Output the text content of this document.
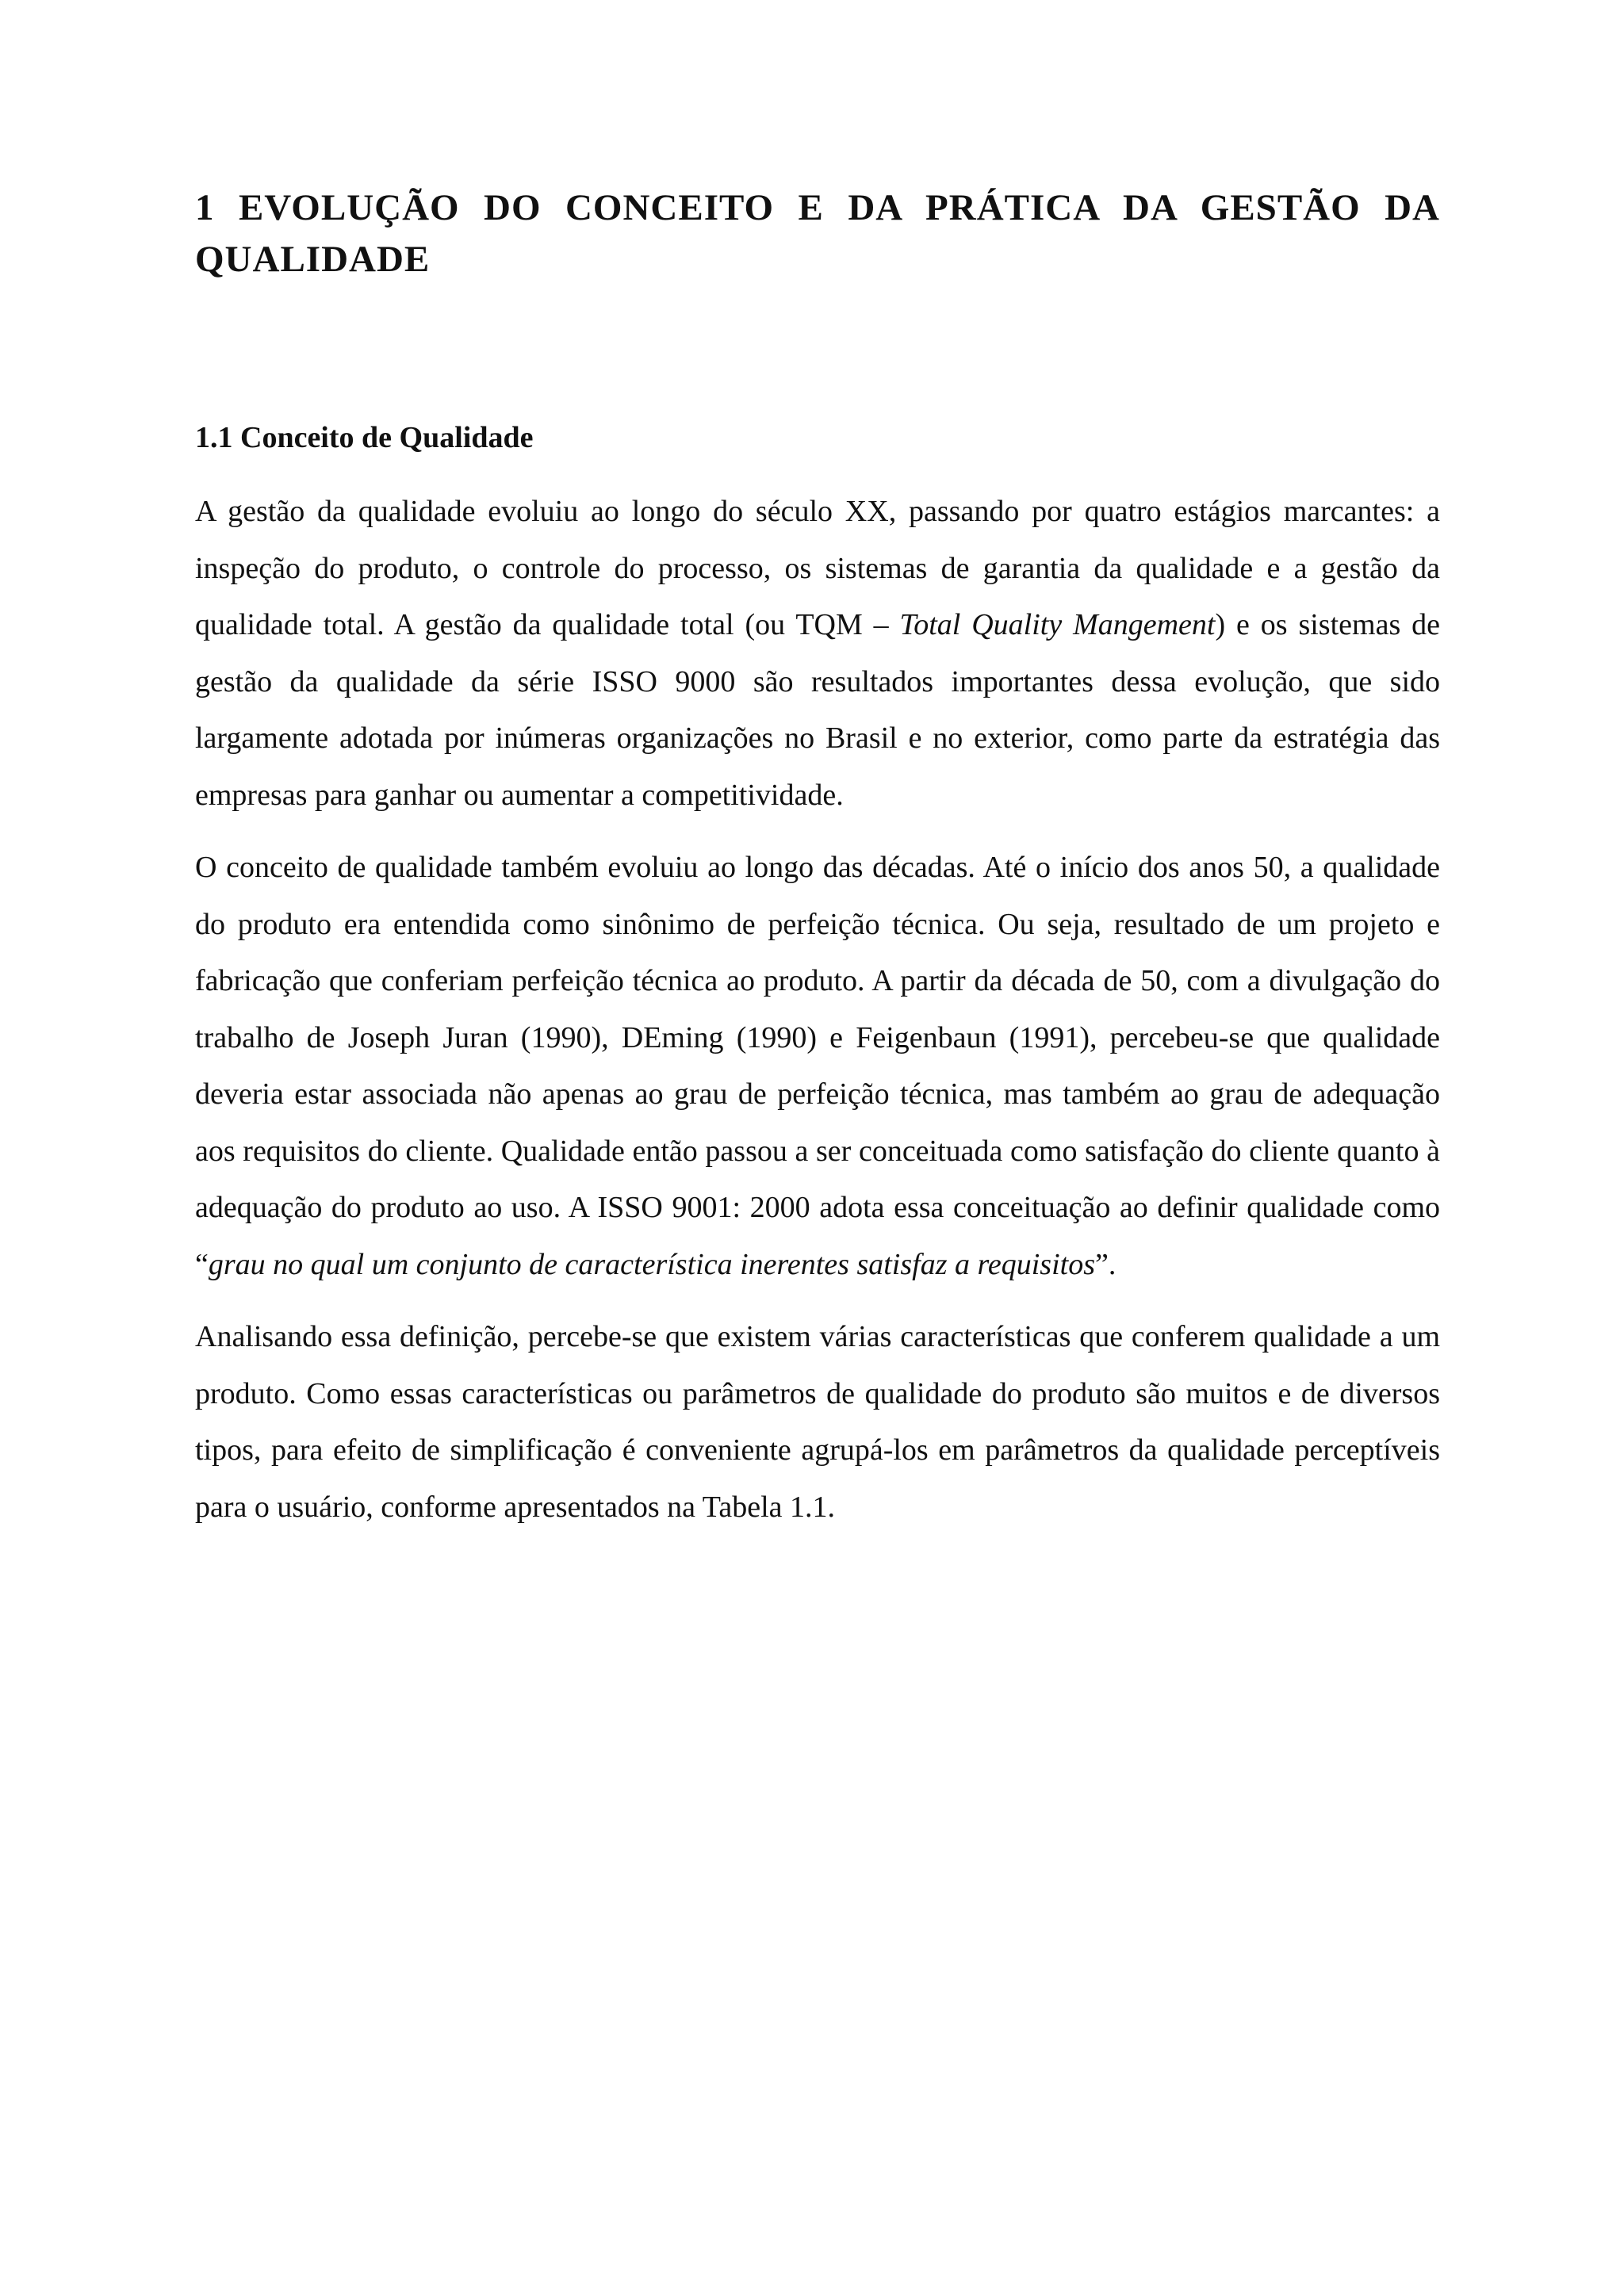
1 EVOLUÇÃO DO CONCEITO E DA PRÁTICA DA GESTÃO DA QUALIDADE
1.1 Conceito de Qualidade

A gestão da qualidade evoluiu ao longo do século XX, passando por quatro estágios marcantes: a inspeção do produto, o controle do processo, os sistemas de garantia da qualidade e a gestão da qualidade total. A gestão da qualidade total (ou TQM – Total Quality Mangement) e os sistemas de gestão da qualidade da série ISSO 9000 são resultados importantes dessa evolução, que sido largamente adotada por inúmeras organizações no Brasil e no exterior, como parte da estratégia das empresas para ganhar ou aumentar a competitividade.

O conceito de qualidade também evoluiu ao longo das décadas. Até o início dos anos 50, a qualidade do produto era entendida como sinônimo de perfeição técnica. Ou seja, resultado de um projeto e fabricação que conferiam perfeição técnica ao produto. A partir da década de 50, com a divulgação do trabalho de Joseph Juran (1990), DEming (1990) e Feigenbaun (1991), percebeu-se que qualidade deveria estar associada não apenas ao grau de perfeição técnica, mas também ao grau de adequação aos requisitos do cliente. Qualidade então passou a ser conceituada como satisfação do cliente quanto à adequação do produto ao uso. A ISSO 9001: 2000 adota essa conceituação ao definir qualidade como “grau no qual um conjunto de característica inerentes satisfaz a requisitos”.

Analisando essa definição, percebe-se que existem várias características que conferem qualidade a um produto. Como essas características ou parâmetros de qualidade do produto são muitos e de diversos tipos, para efeito de simplificação é conveniente agrupá-los em parâmetros da qualidade perceptíveis para o usuário, conforme apresentados na Tabela 1.1.
